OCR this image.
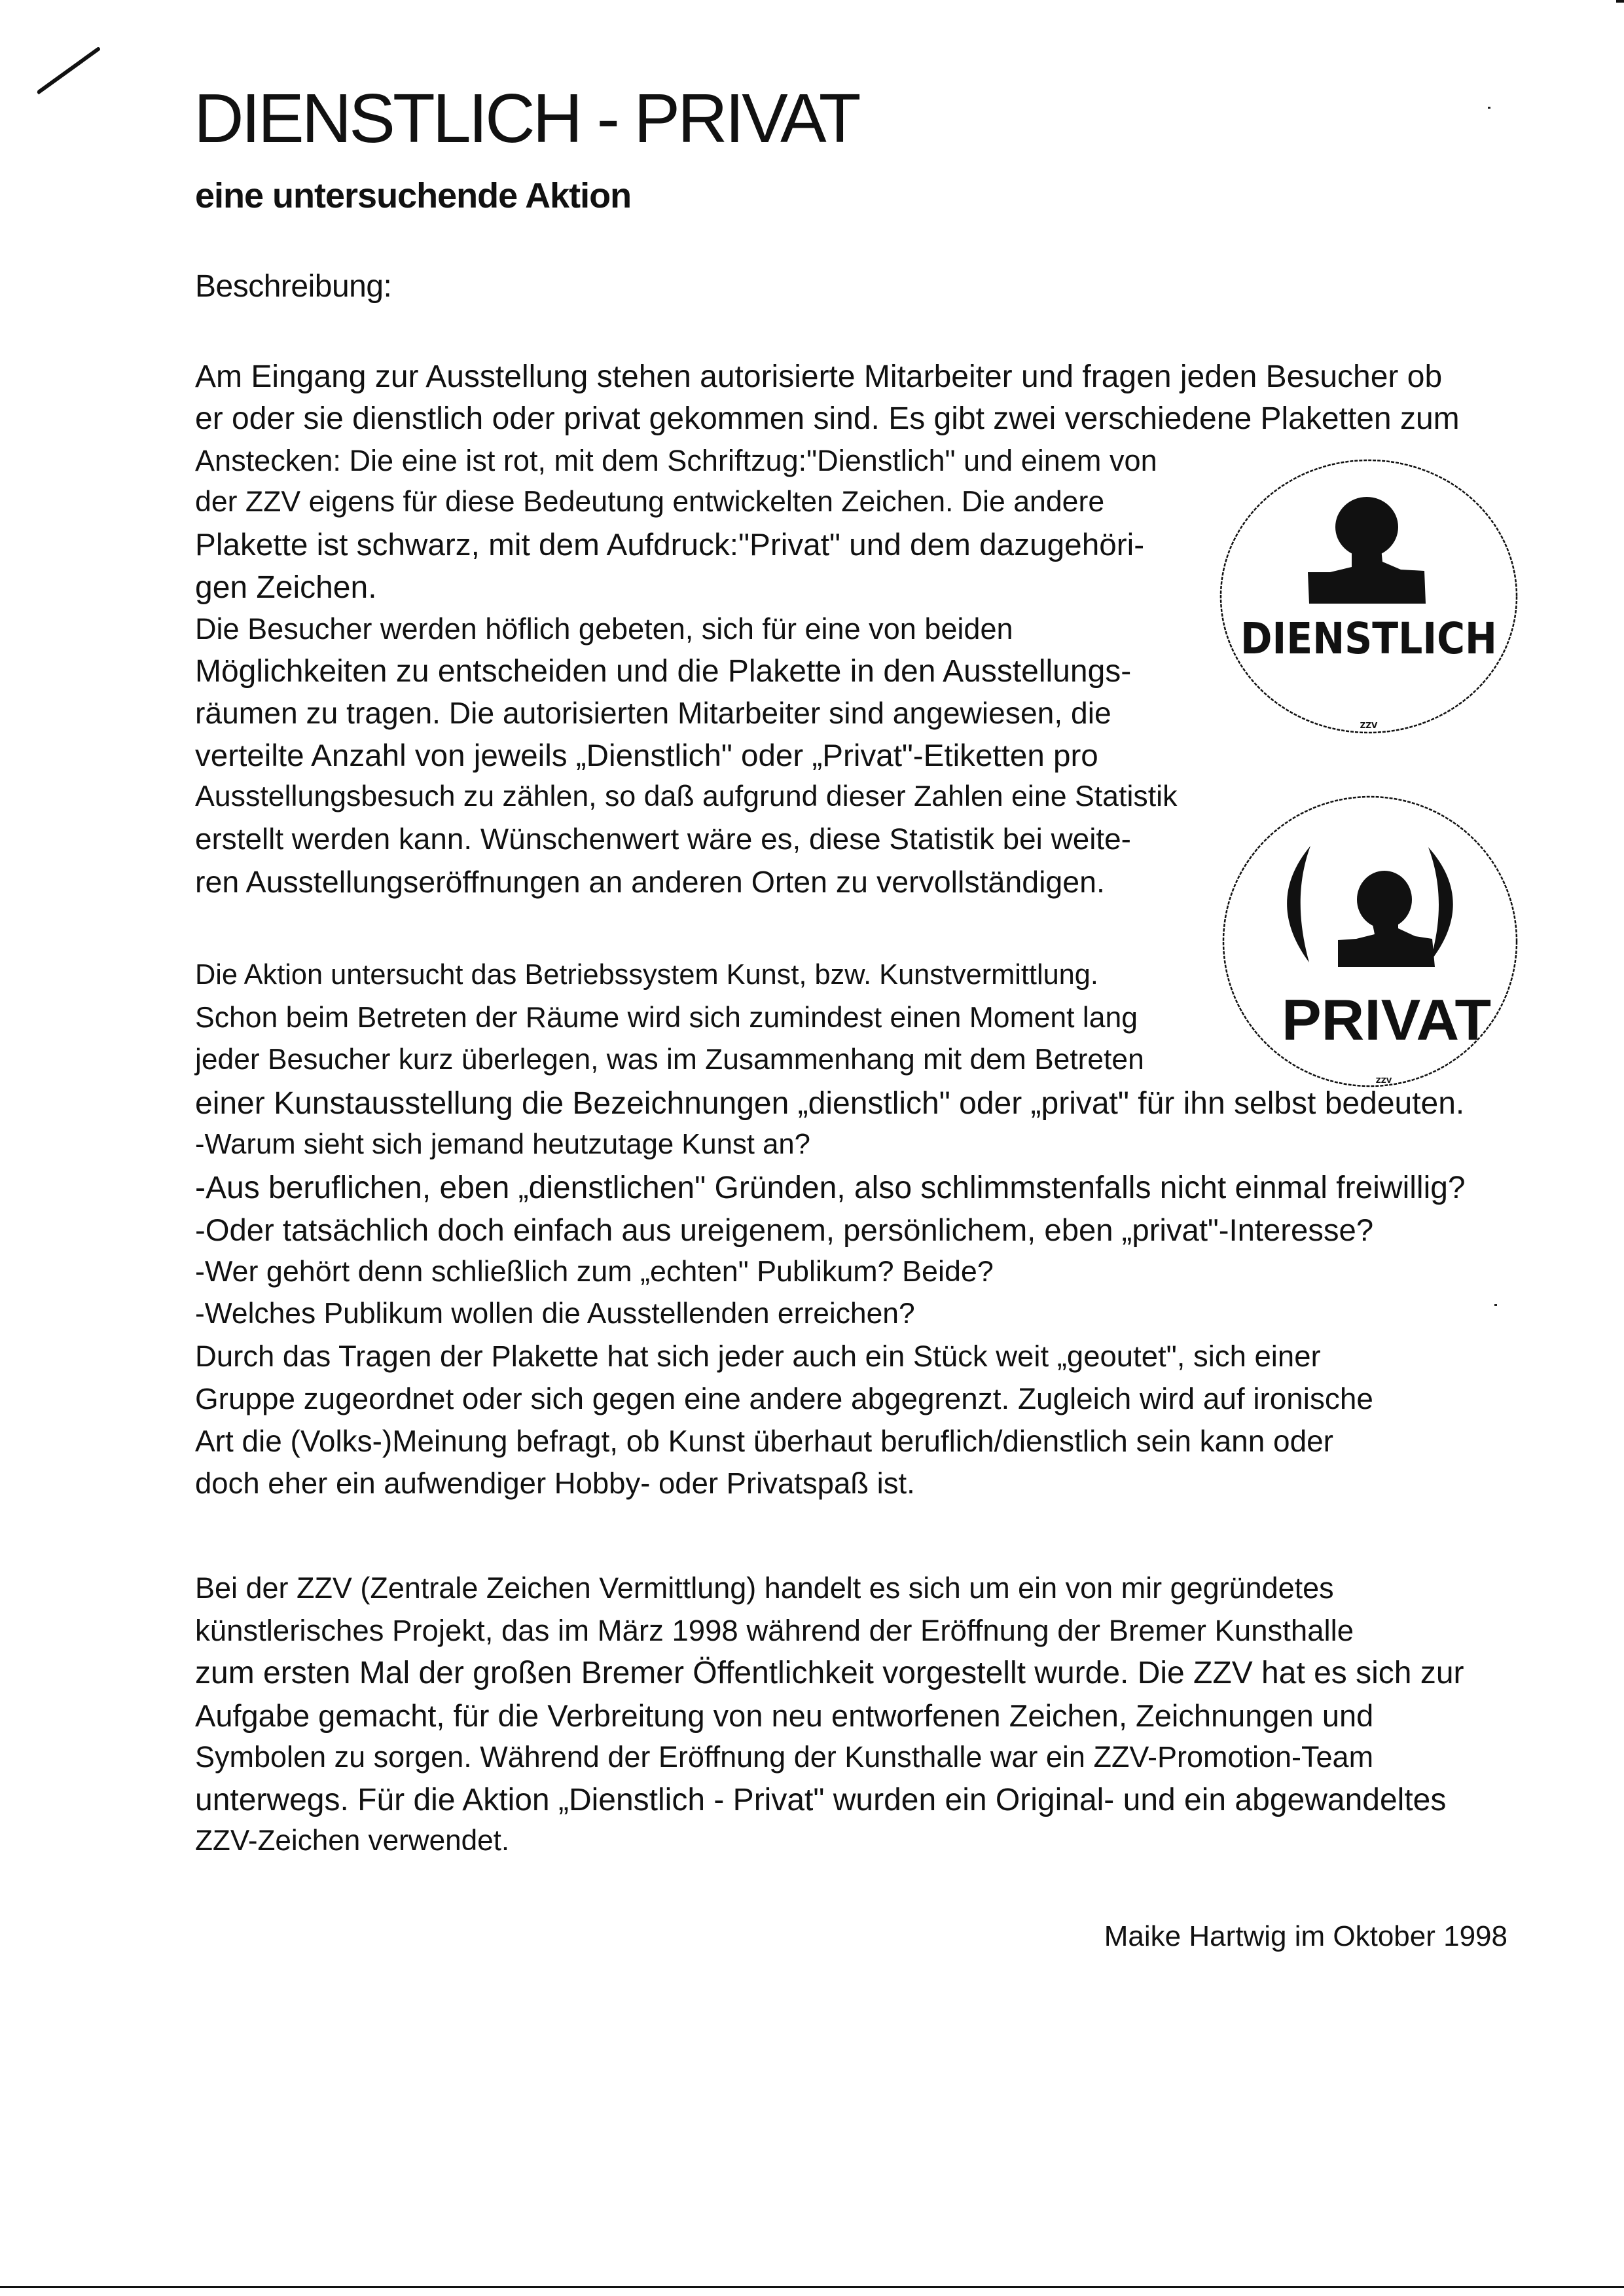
DIENSTLICH - PRIVAT
eine untersuchende Aktion
Beschreibung:
Am Eingang zur Ausstellung stehen autorisierte Mitarbeiter und fragen jeden Besucher ob
er oder sie dienstlich oder privat gekommen sind. Es gibt zwei verschiedene Plaketten zum
Anstecken: Die eine ist rot, mit dem Schriftzug:"Dienstlich" und einem von
der ZZV eigens für diese Bedeutung entwickelten Zeichen. Die andere
Plakette ist schwarz, mit dem Aufdruck:"Privat" und dem dazugehöri-
gen Zeichen.
Die Besucher werden höflich gebeten, sich für eine von beiden
Möglichkeiten zu entscheiden und die Plakette in den Ausstellungs-
räumen zu tragen. Die autorisierten Mitarbeiter sind angewiesen, die
verteilte Anzahl von jeweils „Dienstlich" oder „Privat"-Etiketten pro
Ausstellungsbesuch zu zählen, so daß aufgrund dieser Zahlen eine Statistik
erstellt werden kann. Wünschenwert wäre es, diese Statistik bei weite-
ren Ausstellungseröffnungen an anderen Orten zu vervollständigen.
Die Aktion untersucht das Betriebssystem Kunst, bzw. Kunstvermittlung.
Schon beim Betreten der Räume wird sich zumindest einen Moment lang
jeder Besucher kurz überlegen, was im Zusammenhang mit dem Betreten
einer Kunstausstellung die Bezeichnungen „dienstlich" oder „privat" für ihn selbst bedeuten.
-Warum sieht sich jemand heutzutage Kunst an?
-Aus beruflichen, eben „dienstlichen" Gründen, also schlimmstenfalls nicht einmal freiwillig?
-Oder tatsächlich doch einfach aus ureigenem, persönlichem, eben „privat"-Interesse?
-Wer gehört denn schließlich zum „echten" Publikum? Beide?
-Welches Publikum wollen die Ausstellenden erreichen?
Durch das Tragen der Plakette hat sich jeder auch ein Stück weit „geoutet", sich einer
Gruppe zugeordnet oder sich gegen eine andere abgegrenzt. Zugleich wird auf ironische
Art die (Volks-)Meinung befragt, ob Kunst überhaut beruflich/dienstlich sein kann oder
doch eher ein aufwendiger Hobby- oder Privatspaß ist.
Bei der ZZV (Zentrale Zeichen Vermittlung) handelt es sich um ein von mir gegründetes
künstlerisches Projekt, das im März 1998 während der Eröffnung der Bremer Kunsthalle
zum ersten Mal der großen Bremer Öffentlichkeit vorgestellt wurde. Die ZZV hat es sich zur
Aufgabe gemacht, für die Verbreitung von neu entworfenen Zeichen, Zeichnungen und
Symbolen zu sorgen. Während der Eröffnung der Kunsthalle war ein ZZV-Promotion-Team
unterwegs. Für die Aktion „Dienstlich - Privat" wurden ein Original- und ein abgewandeltes
ZZV-Zeichen verwendet.
Maike Hartwig im Oktober 1998
DIENSTLICH
ZZV
PRIVAT
ZZV
